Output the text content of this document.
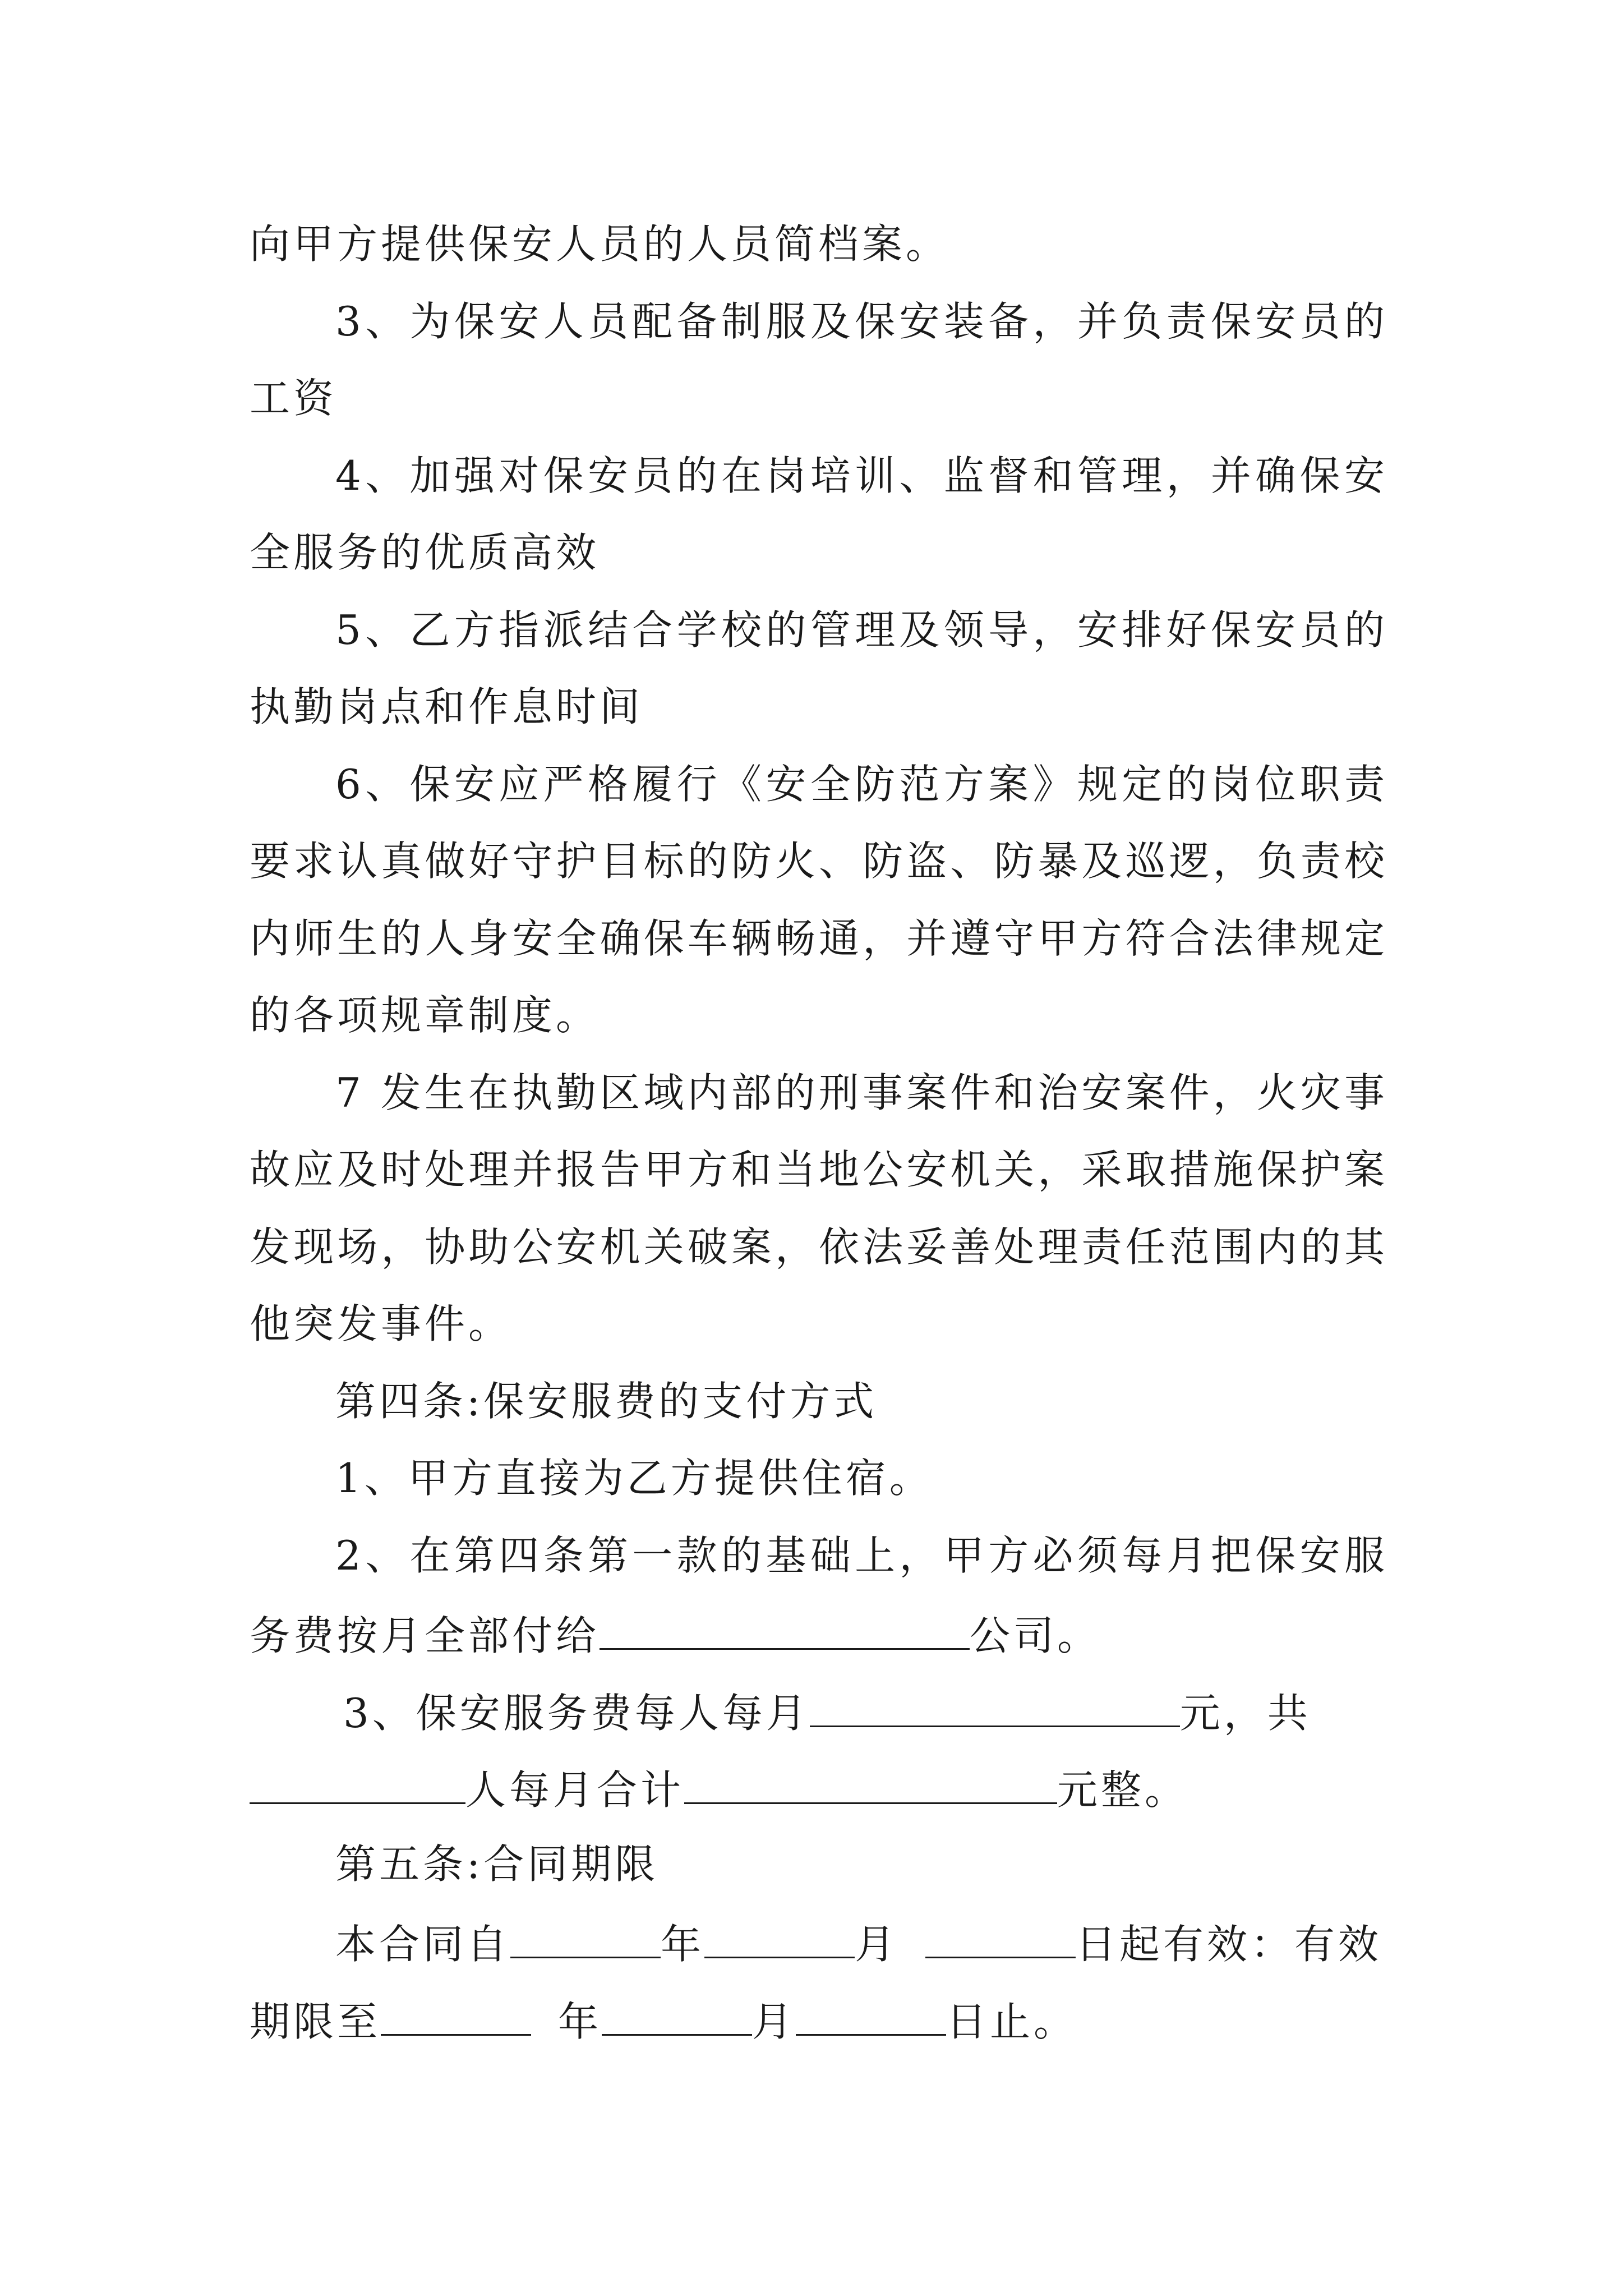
向甲方提供保安人员的人员简档案。
3、为保安人员配备制服及保安装备，并负责保安员的
工资
4、加强对保安员的在岗培训、监督和管理，并确保安
全服务的优质高效
5、乙方指派结合学校的管理及领导，安排好保安员的
执勤岗点和作息时间
6、保安应严格履行《安全防范方案》规定的岗位职责
要求认真做好守护目标的防火、防盗、防暴及巡逻，负责校
内师生的人身安全确保车辆畅通，并遵守甲方符合法律规定
的各项规章制度。
7 发生在执勤区域内部的刑事案件和治安案件，火灾事
故应及时处理并报告甲方和当地公安机关，采取措施保护案
发现场，协助公安机关破案，依法妥善处理责任范围内的其
他突发事件。
第四条:保安服费的支付方式
1、甲方直接为乙方提供住宿。
2、在第四条第一款的基础上，甲方必须每月把保安服
务费按月全部付给	公司。
3、保安服务费每人每月	元，共
人每月合计	元整。
第五条:合同期限
本合同自	年	月	日起有效：有效
期限至	年	月	日止。
